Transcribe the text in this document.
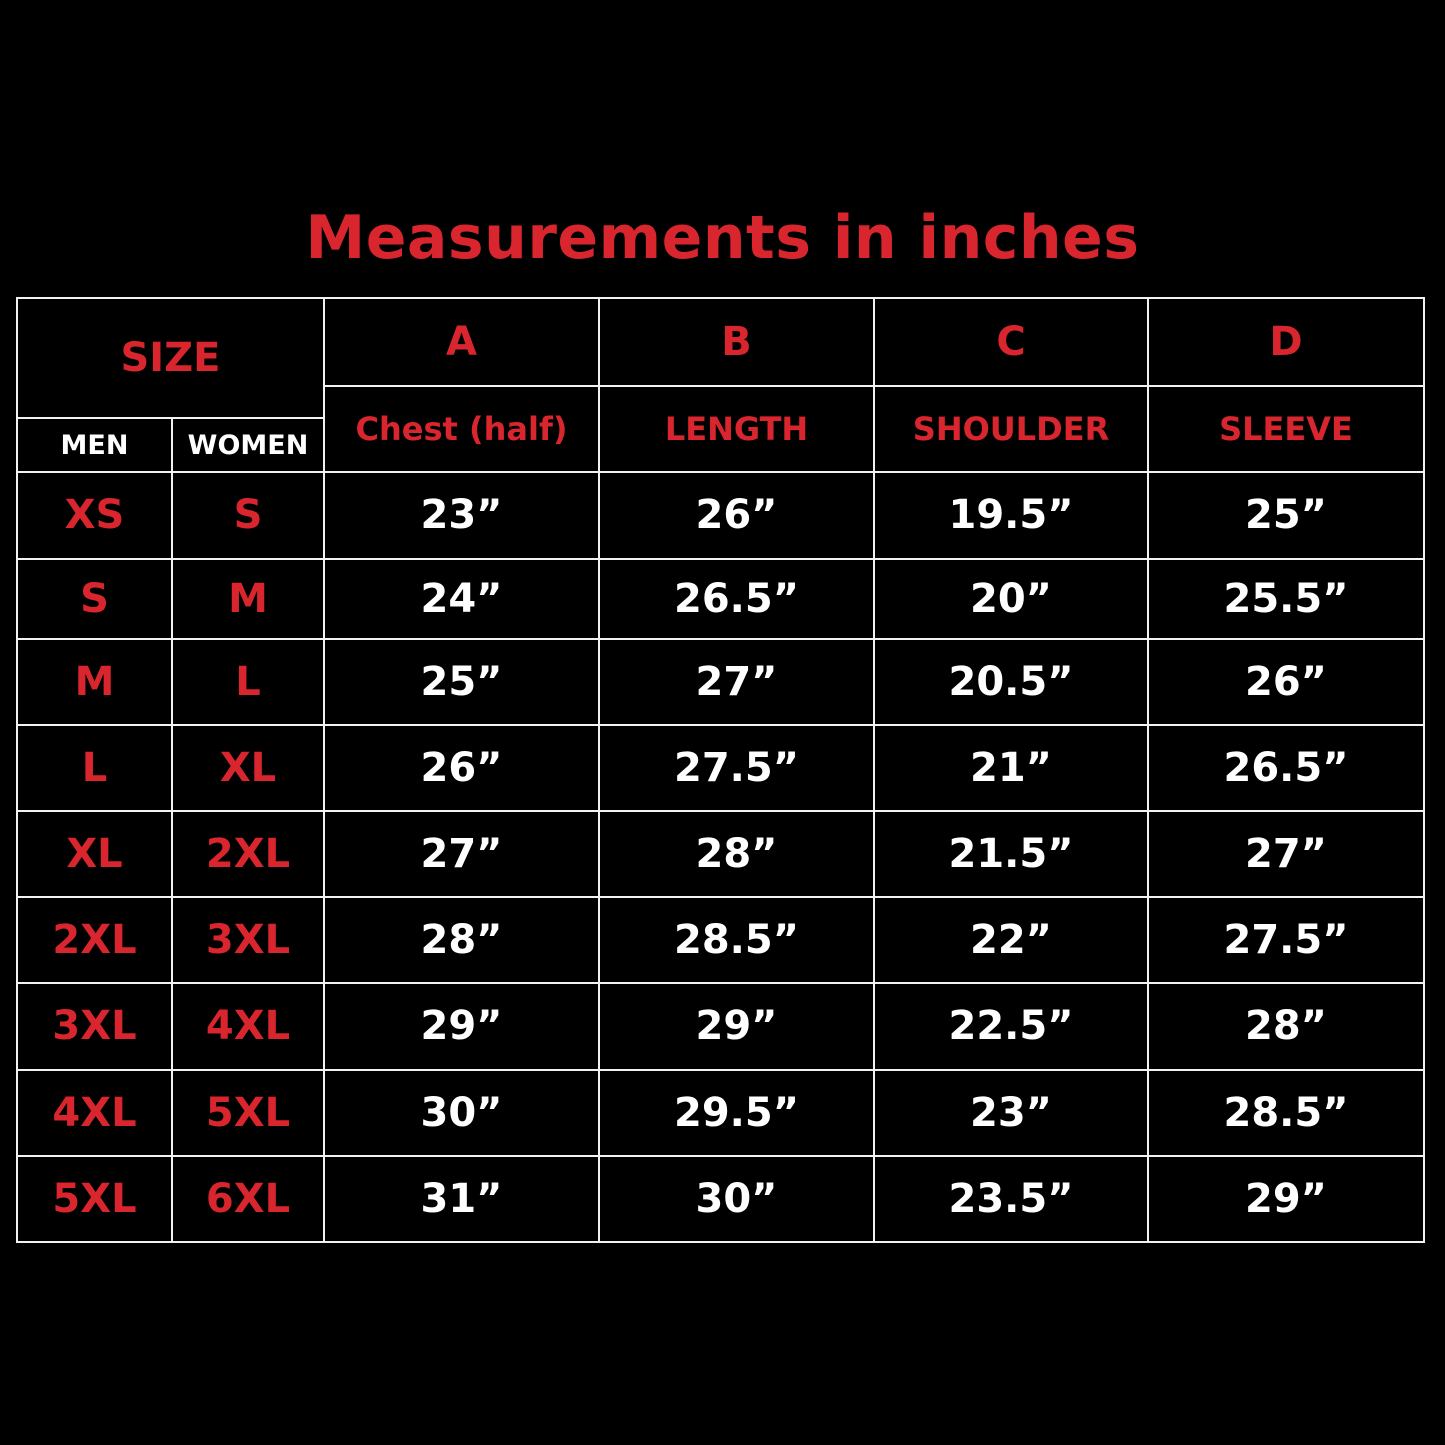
Measurements in inches
SIZE		A	B	C	D
		Chest (half)	LENGTH	SHOULDER	SLEEVE
MEN	WOMEN				
XS	S	23”	26”	19.5”	25”
S	M	24”	26.5”	20”	25.5”
M	L	25”	27”	20.5”	26”
L	XL	26”	27.5”	21”	26.5”
XL	2XL	27”	28”	21.5”	27”
2XL	3XL	28”	28.5”	22”	27.5”
3XL	4XL	29”	29”	22.5”	28”
4XL	5XL	30”	29.5”	23”	28.5”
5XL	6XL	31”	30”	23.5”	29”
